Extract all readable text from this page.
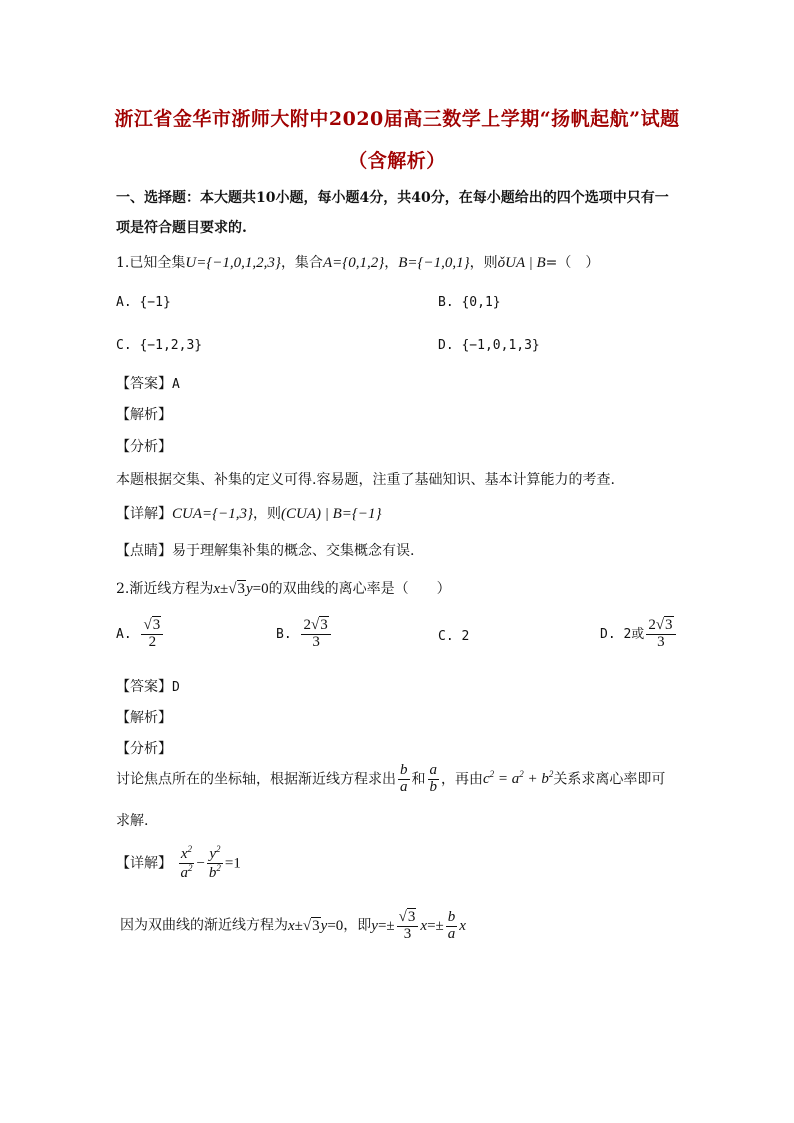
浙江省金华市浙师大附中2020届高三数学上学期“扬帆起航”试题
（含解析）
一、选择题：本大题共10小题，每小题4分，共40分，在每小题给出的四个选项中只有一
项是符合题目要求的.
1.已知全集U={−1,0,1,2,3}，集合A={0,1,2}，B={−1,0,1}，则ǒUA | B=（　）
A. {−1}	B. {0,1}
C. {−1,2,3}	D. {−1,0,1,3}
【答案】A
【解析】
【分析】
本题根据交集、补集的定义可得.容易题，注重了基础知识、基本计算能力的考查.
【详解】CUA={−1,3}，则(CUA) | B={−1}
【点睛】易于理解集补集的概念、交集概念有误.
2.渐近线方程为x±√3y=0的双曲线的离心率是（　　）
A. $\frac{√3}{2}$	B. $\frac{2√3}{3}$	C. 2	D. 2或 $\frac{2√3}{3}$
【答案】D
【解析】
【分析】
讨论焦点所在的坐标轴，根据渐近线方程求出 $\frac{b}{a}$ 和 $\frac{a}{b}$ ，再由$c^2 = a^2 + b^2$关系求离心率即可
求解.
【详解】 $\frac{x^2}{a^2} - \frac{y^2}{b^2} =1$
因为双曲线的渐近线方程为x±√3y=0，即$y=\pm \frac{√3}{3} x=\pm \frac{b}{a}$ x
